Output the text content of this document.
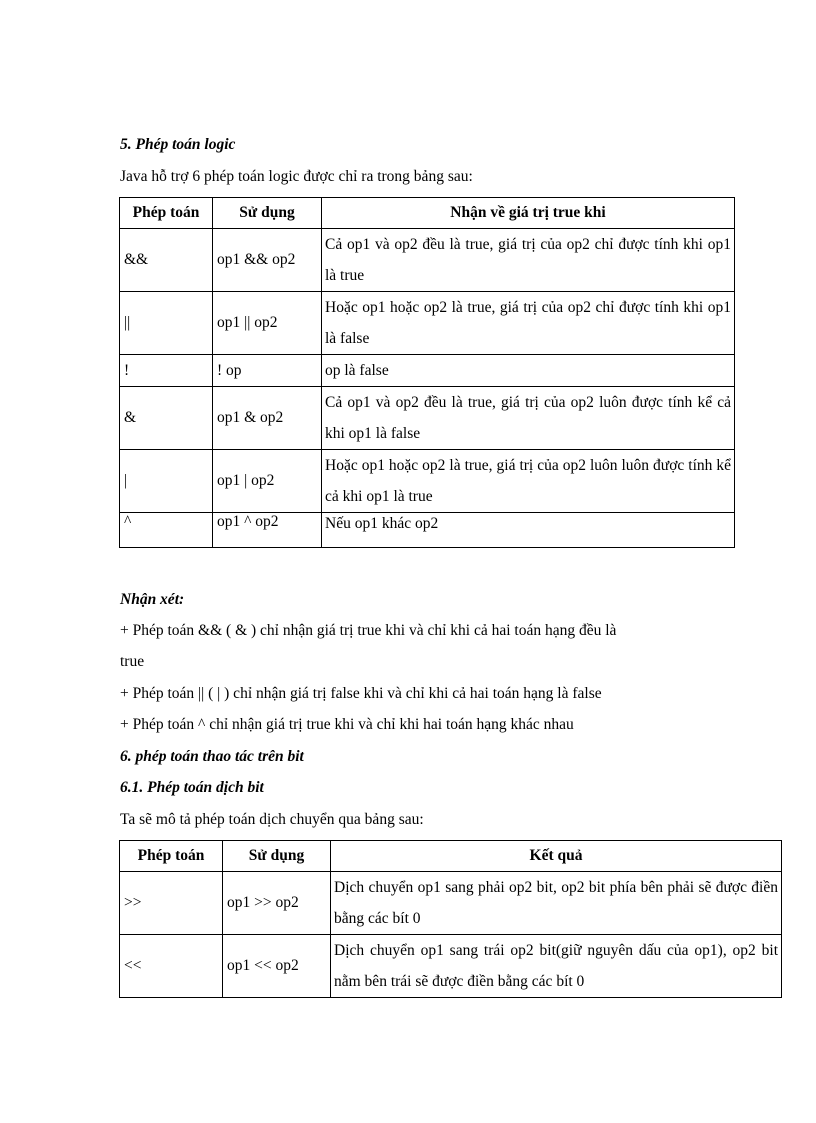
5. Phép toán logic
Java hỗ trợ 6 phép toán logic được chỉ ra trong bảng sau:
Phép toán	Sử dụng	Nhận về giá trị true khi
&&	op1 && op2	Cả op1 và op2 đều là true, giá trị của op2 chỉ được tính khi op1 là true
||	op1 || op2	Hoặc op1 hoặc op2 là true, giá trị của op2 chỉ được tính khi op1 là false
!	! op	op là false
&	op1 & op2	Cả op1 và op2 đều là true, giá trị của op2 luôn được tính kể cả khi op1 là false
|	op1 | op2	Hoặc op1 hoặc op2 là true, giá trị của op2 luôn luôn được tính kể cả khi op1 là true
^	op1 ^ op2	Nếu op1 khác op2
Nhận xét:
+ Phép toán && ( & ) chỉ nhận giá trị true khi và chỉ khi cả hai toán hạng đều là
true
+ Phép toán || ( | ) chỉ nhận giá trị false khi và chỉ khi cả hai toán hạng là false
+ Phép toán ^ chỉ nhận giá trị true khi và chỉ khi hai toán hạng khác nhau
6. phép toán thao tác trên bit
6.1. Phép toán dịch bit
Ta sẽ mô tả phép toán dịch chuyển qua bảng sau:
Phép toán	Sử dụng	Kết quả
>>	op1 >> op2	Dịch chuyển op1 sang phải op2 bit, op2 bit phía bên phải sẽ được điền bằng các bít 0
<<	op1 << op2	Dịch chuyển op1 sang trái op2 bit(giữ nguyên dấu của op1), op2 bit nằm bên trái sẽ được điền bằng các bít 0
